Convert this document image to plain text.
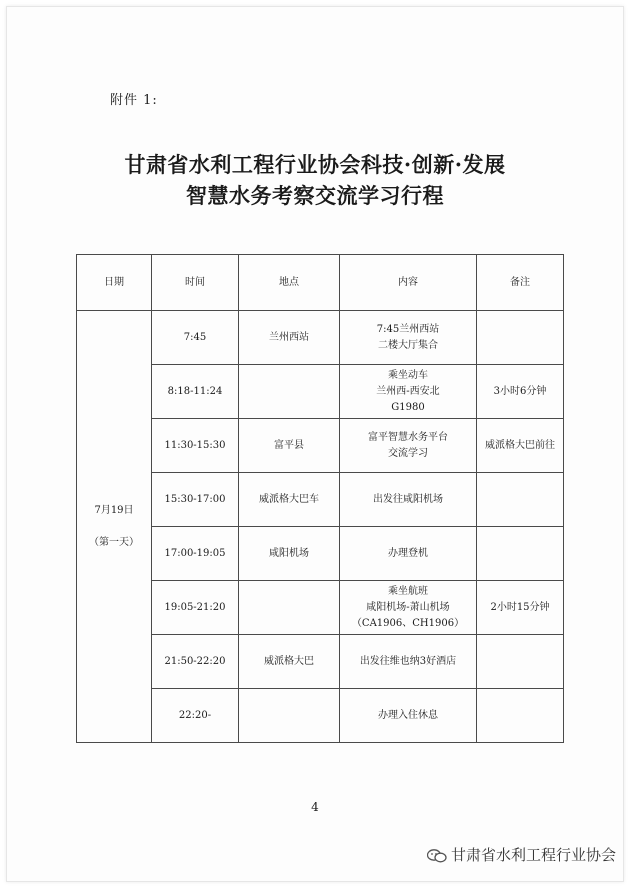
附件 1:
甘肃省水利工程行业协会科技·创新·发展
智慧水务考察交流学习行程
日期	时间	地点	内容	备注

7月19日
（第一天）	7:45	兰州西站	7:45兰州西站
二楼大厅集合	

	8:18-11:24		乘坐动车
兰州西-西安北
G1980	3小时6分钟
	11:30-15:30	富平县	富平智慧水务平台
交流学习	威派格大巴前往
	15:30-17:00	威派格大巴车	出发往咸阳机场	

	17:00-19:05	咸阳机场	办理登机	

	19:05-21:20		乘坐航班
咸阳机场-萧山机场
（CA1906、CH1906）	2小时15分钟
	21:50-22:20	威派格大巴	出发往维也纳3好酒店	

	22:20-		办理入住休息	

4
甘肃省水利工程行业协会
